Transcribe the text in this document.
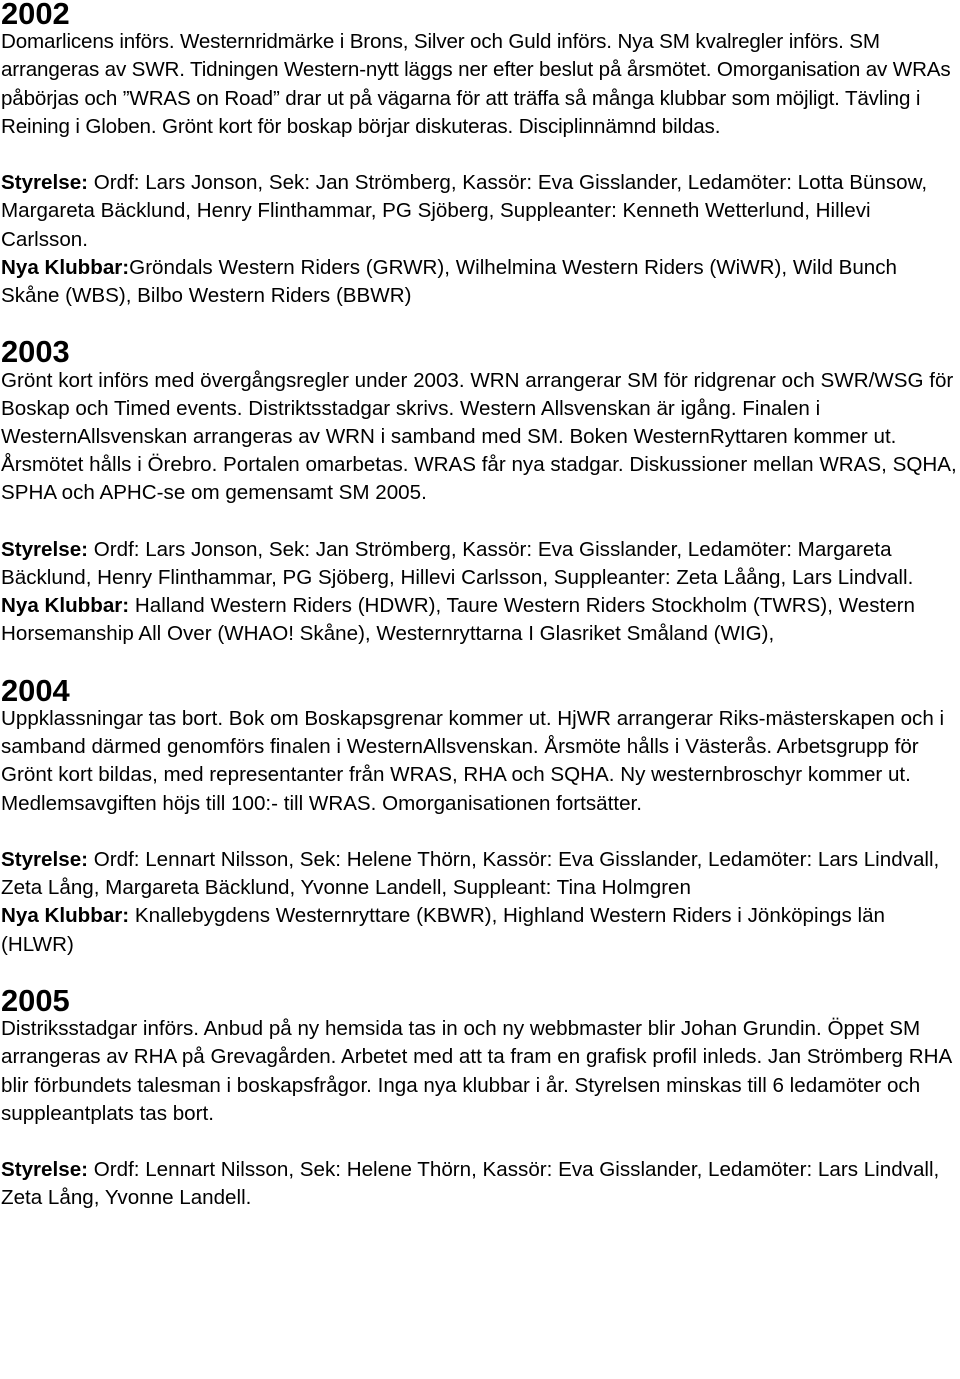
2002

Domarlicens införs. Westernridmärke i Brons, Silver och Guld införs. Nya SM kvalregler införs. SM arrangeras av SWR. Tidningen Western-nytt läggs ner efter beslut på årsmötet. Omorganisation av WRAs påbörjas och ”WRAS on Road” drar ut på vägarna för att träffa så många klubbar som möjligt. Tävling i Reining i Globen. Grönt kort för boskap börjar diskuteras. Disciplinnämnd bildas.

Styrelse: Ordf: Lars Jonson, Sek: Jan Strömberg, Kassör: Eva Gisslander, Ledamöter: Lotta Bünsow, Margareta Bäcklund, Henry Flinthammar, PG Sjöberg, Suppleanter: Kenneth Wetterlund, Hillevi Carlsson.

Nya Klubbar:Gröndals Western Riders (GRWR), Wilhelmina Western Riders (WiWR), Wild Bunch Skåne (WBS), Bilbo Western Riders (BBWR)

2003

Grönt kort införs med övergångsregler under 2003. WRN arrangerar SM för ridgrenar och SWR/WSG för Boskap och Timed events. Distriktsstadgar skrivs. Western Allsvenskan är igång. Finalen i WesternAllsvenskan arrangeras av WRN i samband med SM. Boken WesternRyttaren kommer ut. Årsmötet hålls i Örebro. Portalen omarbetas. WRAS får nya stadgar. Diskussioner mellan WRAS, SQHA, SPHA och APHC-se om gemensamt SM 2005.

Styrelse: Ordf: Lars Jonson, Sek: Jan Strömberg, Kassör: Eva Gisslander, Ledamöter: Margareta Bäcklund, Henry Flinthammar, PG Sjöberg, Hillevi Carlsson, Suppleanter: Zeta Låång, Lars Lindvall.

Nya Klubbar: Halland Western Riders (HDWR), Taure Western Riders Stockholm (TWRS), Western Horsemanship All Over (WHAO! Skåne), Westernryttarna I Glasriket Småland (WIG),

2004

Uppklassningar tas bort. Bok om Boskapsgrenar kommer ut. HjWR arrangerar Riks-mästerskapen och i samband därmed genomförs finalen i WesternAllsvenskan. Årsmöte hålls i Västerås. Arbetsgrupp för Grönt kort bildas, med representanter från WRAS, RHA och SQHA. Ny westernbroschyr kommer ut. Medlemsavgiften höjs till 100:- till WRAS. Omorganisationen fortsätter.

Styrelse: Ordf: Lennart Nilsson, Sek: Helene Thörn, Kassör: Eva Gisslander, Ledamöter: Lars Lindvall, Zeta Lång, Margareta Bäcklund, Yvonne Landell, Suppleant: Tina Holmgren

Nya Klubbar: Knallebygdens Westernryttare (KBWR), Highland Western Riders i Jönköpings län (HLWR)

2005

Distriksstadgar införs. Anbud på ny hemsida tas in och ny webbmaster blir Johan Grundin. Öppet SM arrangeras av RHA på Grevagården. Arbetet med att ta fram en grafisk profil inleds. Jan Strömberg RHA blir förbundets talesman i boskapsfrågor. Inga nya klubbar i år. Styrelsen minskas till 6 ledamöter och suppleantplats tas bort.

Styrelse: Ordf: Lennart Nilsson, Sek: Helene Thörn, Kassör: Eva Gisslander, Ledamöter: Lars Lindvall, Zeta Lång, Yvonne Landell.
